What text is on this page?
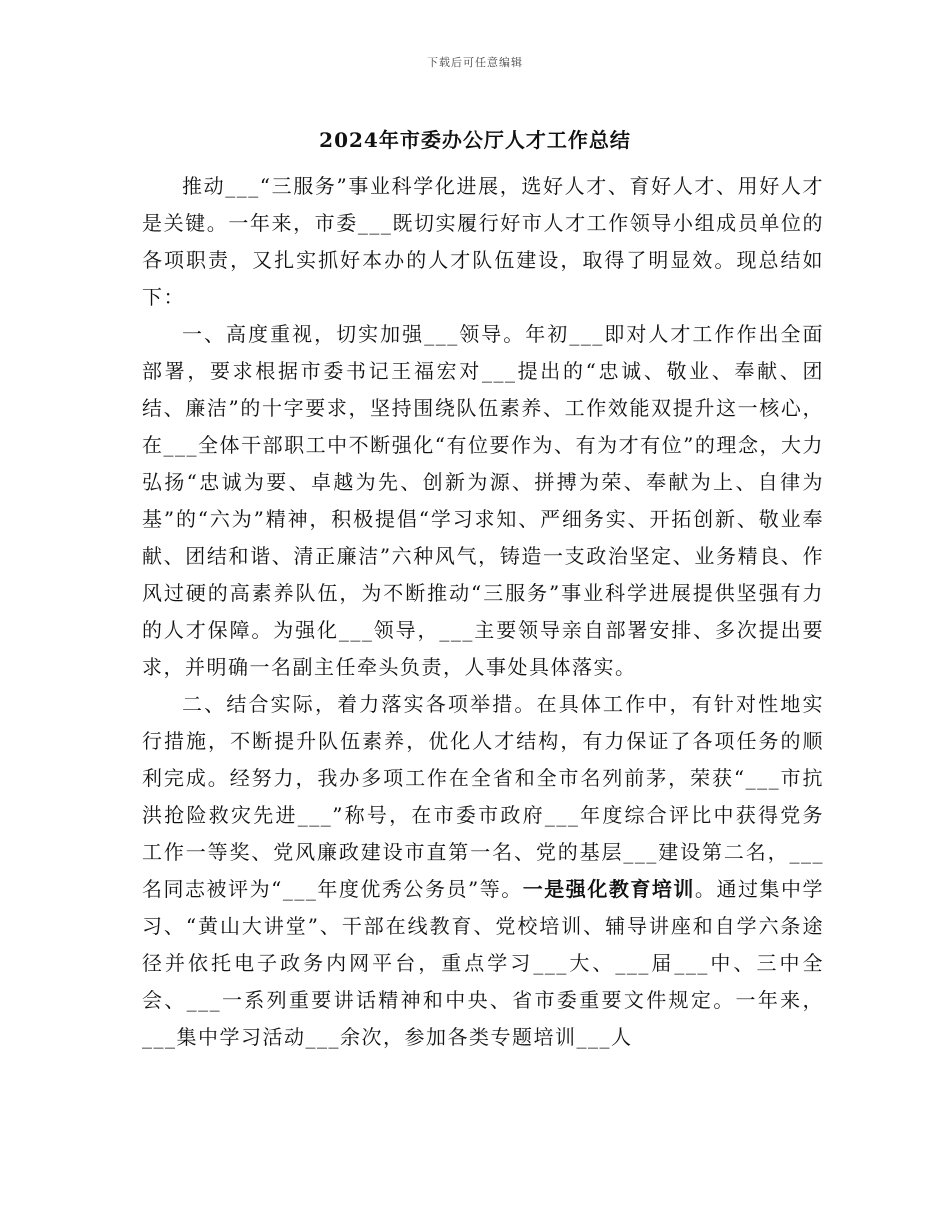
下载后可任意编辑
2024年市委办公厅人才工作总结

推动___“三服务”事业科学化进展，选好人才、育好人才、用好人才是关键。一年来，市委___既切实履行好市人才工作领导小组成员单位的各项职责，又扎实抓好本办的人才队伍建设，取得了明显效。现总结如下：

一、高度重视，切实加强___领导。年初___即对人才工作作出全面部署，要求根据市委书记王福宏对___提出的“忠诚、敬业、奉献、团结、廉洁”的十字要求，坚持围绕队伍素养、工作效能双提升这一核心，在___全体干部职工中不断强化“有位要作为、有为才有位”的理念，大力弘扬“忠诚为要、卓越为先、创新为源、拼搏为荣、奉献为上、自律为基”的“六为”精神，积极提倡“学习求知、严细务实、开拓创新、敬业奉献、团结和谐、清正廉洁”六种风气，铸造一支政治坚定、业务精良、作风过硬的高素养队伍，为不断推动“三服务”事业科学进展提供坚强有力的人才保障。为强化___领导，___主要领导亲自部署安排、多次提出要求，并明确一名副主任牵头负责，人事处具体落实。

二、结合实际，着力落实各项举措。在具体工作中，有针对性地实行措施，不断提升队伍素养，优化人才结构，有力保证了各项任务的顺利完成。经努力，我办多项工作在全省和全市名列前茅，荣获“___市抗洪抢险救灾先进___”称号，在市委市政府___年度综合评比中获得党务工作一等奖、党风廉政建设市直第一名、党的基层___建设第二名，___名同志被评为“___年度优秀公务员”等。一是强化教育培训。通过集中学习、“黄山大讲堂”、干部在线教育、党校培训、辅导讲座和自学六条途径并依托电子政务内网平台，重点学习___大、___届___中、三中全会、___一系列重要讲话精神和中央、省市委重要文件规定。一年来，___集中学习活动___余次，参加各类专题培训___人
